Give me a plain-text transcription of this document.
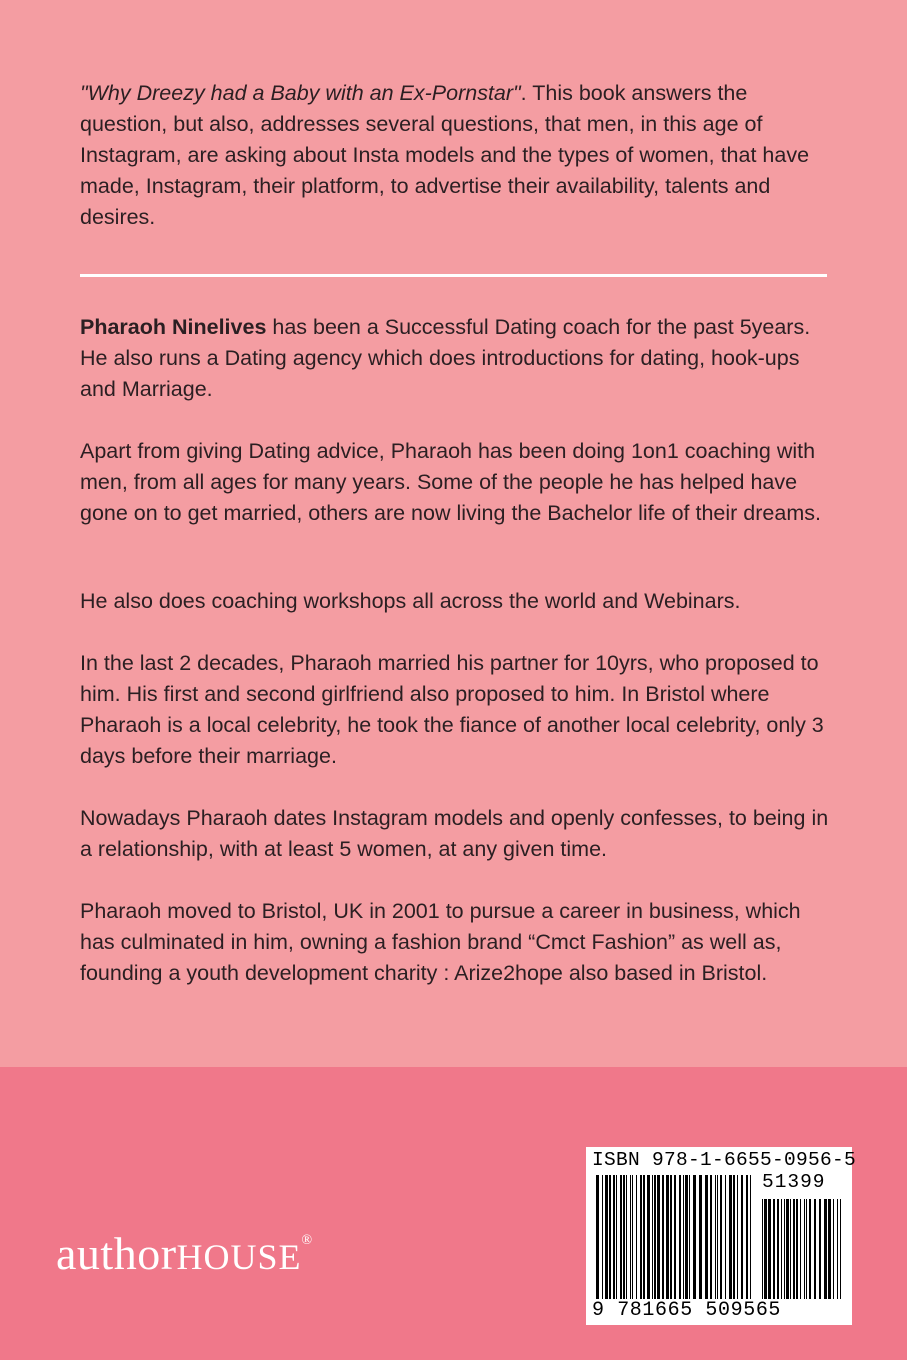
"Why Dreezy had a Baby with an Ex-Pornstar". This book answers the question, but also, addresses several questions, that men, in this age of Instagram, are asking about Insta models and the types of women, that have made, Instagram, their platform, to advertise their availability, talents and desires.

Pharaoh Ninelives has been a Successful Dating coach for the past 5years. He also runs a Dating agency which does introductions for dating, hook-ups and Marriage.

Apart from giving Dating advice, Pharaoh has been doing 1on1 coaching with men, from all ages for many years. Some of the people he has helped have gone on to get married, others are now living the Bachelor life of their dreams.

He also does coaching workshops all across the world and Webinars.

In the last 2 decades, Pharaoh married his partner for 10yrs, who proposed to him. His first and second girlfriend also proposed to him. In Bristol where Pharaoh is a local celebrity, he took the fiance of another local celebrity, only 3 days before their marriage.

Nowadays Pharaoh dates Instagram models and openly confesses, to being in a relationship, with at least 5 women, at any given time.

Pharaoh moved to Bristol, UK in 2001 to pursue a career in business, which has culminated in him, owning a fashion brand “Cmct Fashion” as well as, founding a youth development charity : Arize2hope also based in Bristol.

authorHOUSE®
ISBN 978-1-6655-0956-5
51399
9 781665 509565
